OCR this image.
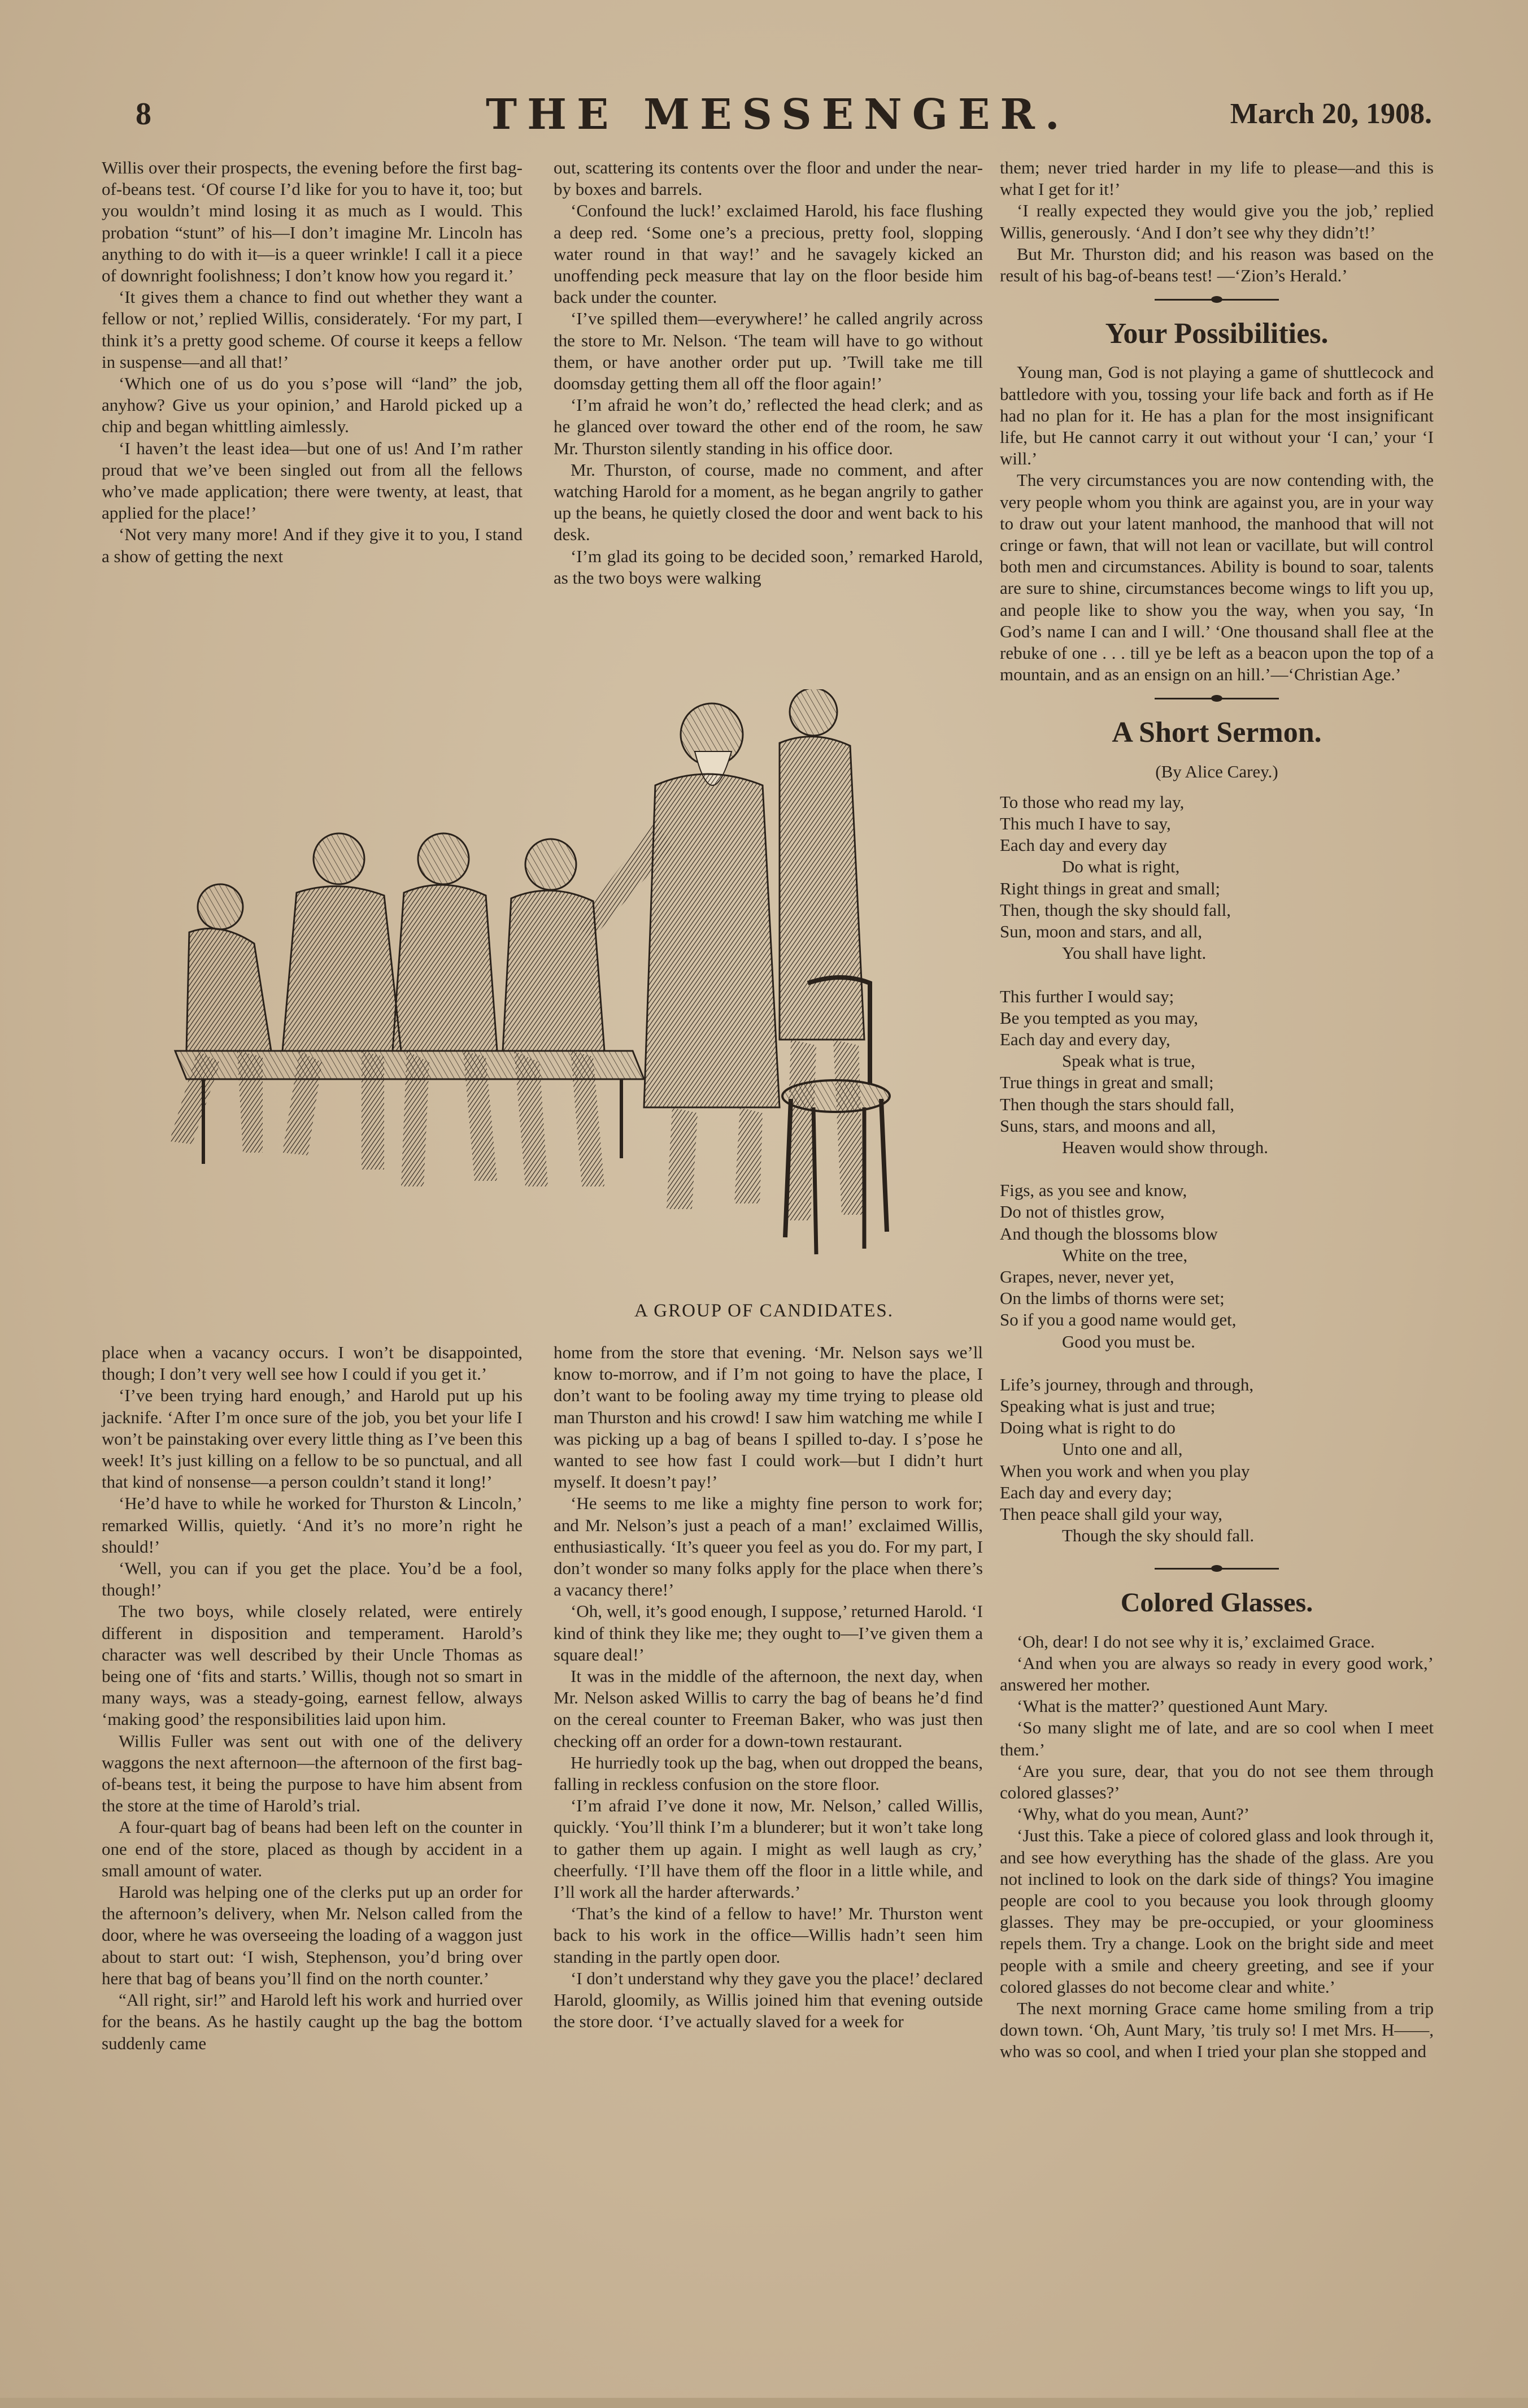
8	THE MESSENGER.	March 20, 1908.

Willis over their prospects, the evening before the first bag-of-beans test. ‘Of course I’d like for you to have it, too; but you wouldn’t mind losing it as much as I would. This probation “stunt” of his—I don’t imagine Mr. Lincoln has anything to do with it—is a queer wrinkle! I call it a piece of downright foolishness; I don’t know how you regard it.’

‘It gives them a chance to find out whether they want a fellow or not,’ replied Willis, considerately. ‘For my part, I think it’s a pretty good scheme. Of course it keeps a fellow in suspense—and all that!’

‘Which one of us do you s’pose will “land” the job, anyhow? Give us your opinion,’ and Harold picked up a chip and began whittling aimlessly.

‘I haven’t the least idea—but one of us! And I’m rather proud that we’ve been singled out from all the fellows who’ve made application; there were twenty, at least, that applied for the place!’

‘Not very many more! And if they give it to you, I stand a show of getting the next

out, scattering its contents over the floor and under the near-by boxes and barrels.

‘Confound the luck!’ exclaimed Harold, his face flushing a deep red. ‘Some one’s a precious, pretty fool, slopping water round in that way!’ and he savagely kicked an unoffending peck measure that lay on the floor beside him back under the counter.

‘I’ve spilled them—everywhere!’ he called angrily across the store to Mr. Nelson. ‘The team will have to go without them, or have another order put up. ’Twill take me till doomsday getting them all off the floor again!’

‘I’m afraid he won’t do,’ reflected the head clerk; and as he glanced over toward the other end of the room, he saw Mr. Thurston silently standing in his office door.

Mr. Thurston, of course, made no comment, and after watching Harold for a moment, as he began angrily to gather up the beans, he quietly closed the door and went back to his desk.

‘I’m glad its going to be decided soon,’ remarked Harold, as the two boys were walking

them; never tried harder in my life to please—and this is what I get for it!’

‘I really expected they would give you the job,’ replied Willis, generously. ‘And I don’t see why they didn’t!’

But Mr. Thurston did; and his reason was based on the result of his bag-of-beans test! —‘Zion’s Herald.’

Your Possibilities.

Young man, God is not playing a game of shuttlecock and battledore with you, tossing your life back and forth as if He had no plan for it. He has a plan for the most insignificant life, but He cannot carry it out without your ‘I can,’ your ‘I will.’

The very circumstances you are now contending with, the very people whom you think are against you, are in your way to draw out your latent manhood, the manhood that will not cringe or fawn, that will not lean or vacillate, but will control both men and circumstances. Ability is bound to soar, talents are sure to shine, circumstances become wings to lift you up, and people like to show you the way, when you say, ‘In God’s name I can and I will.’ ‘One thousand shall flee at the rebuke of one . . . till ye be left as a beacon upon the top of a mountain, and as an ensign on an hill.’—‘Christian Age.’

A Short Sermon.
(By Alice Carey.)
To those who read my lay,
This much I have to say,
Each day and every day
Do what is right,
Right things in great and small;
Then, though the sky should fall,
Sun, moon and stars, and all,
You shall have light.
This further I would say;
Be you tempted as you may,
Each day and every day,
Speak what is true,
True things in great and small;
Then though the stars should fall,
Suns, stars, and moons and all,
Heaven would show through.
Figs, as you see and know,
Do not of thistles grow,
And though the blossoms blow
White on the tree,
Grapes, never, never yet,
On the limbs of thorns were set;
So if you a good name would get,
Good you must be.
Life’s journey, through and through,
Speaking what is just and true;
Doing what is right to do
Unto one and all,
When you work and when you play
Each day and every day;
Then peace shall gild your way,
Though the sky should fall.
Colored Glasses.

‘Oh, dear! I do not see why it is,’ exclaimed Grace.

‘And when you are always so ready in every good work,’ answered her mother.

‘What is the matter?’ questioned Aunt Mary.

‘So many slight me of late, and are so cool when I meet them.’

‘Are you sure, dear, that you do not see them through colored glasses?’

‘Why, what do you mean, Aunt?’

‘Just this. Take a piece of colored glass and look through it, and see how everything has the shade of the glass. Are you not inclined to look on the dark side of things? You imagine people are cool to you because you look through gloomy glasses. They may be pre-occupied, or your gloominess repels them. Try a change. Look on the bright side and meet people with a smile and cheery greeting, and see if your colored glasses do not become clear and white.’

The next morning Grace came home smiling from a trip down town. ‘Oh, Aunt Mary, ’tis truly so! I met Mrs. H——, who was so cool, and when I tried your plan she stopped and

A GROUP OF CANDIDATES.

place when a vacancy occurs. I won’t be disappointed, though; I don’t very well see how I could if you get it.’

‘I’ve been trying hard enough,’ and Harold put up his jacknife. ‘After I’m once sure of the job, you bet your life I won’t be painstaking over every little thing as I’ve been this week! It’s just killing on a fellow to be so punctual, and all that kind of nonsense—a person couldn’t stand it long!’

‘He’d have to while he worked for Thurston & Lincoln,’ remarked Willis, quietly. ‘And it’s no more’n right he should!’

‘Well, you can if you get the place. You’d be a fool, though!’

The two boys, while closely related, were entirely different in disposition and temperament. Harold’s character was well described by their Uncle Thomas as being one of ‘fits and starts.’ Willis, though not so smart in many ways, was a steady-going, earnest fellow, always ‘making good’ the responsibilities laid upon him.

Willis Fuller was sent out with one of the delivery waggons the next afternoon—the afternoon of the first bag-of-beans test, it being the purpose to have him absent from the store at the time of Harold’s trial.

A four-quart bag of beans had been left on the counter in one end of the store, placed as though by accident in a small amount of water.

Harold was helping one of the clerks put up an order for the afternoon’s delivery, when Mr. Nelson called from the door, where he was overseeing the loading of a waggon just about to start out: ‘I wish, Stephenson, you’d bring over here that bag of beans you’ll find on the north counter.’

“All right, sir!” and Harold left his work and hurried over for the beans. As he hastily caught up the bag the bottom suddenly came

home from the store that evening. ‘Mr. Nelson says we’ll know to-morrow, and if I’m not going to have the place, I don’t want to be fooling away my time trying to please old man Thurston and his crowd! I saw him watching me while I was picking up a bag of beans I spilled to-day. I s’pose he wanted to see how fast I could work—but I didn’t hurt myself. It doesn’t pay!’

‘He seems to me like a mighty fine person to work for; and Mr. Nelson’s just a peach of a man!’ exclaimed Willis, enthusiastically. ‘It’s queer you feel as you do. For my part, I don’t wonder so many folks apply for the place when there’s a vacancy there!’

‘Oh, well, it’s good enough, I suppose,’ returned Harold. ‘I kind of think they like me; they ought to—I’ve given them a square deal!’

It was in the middle of the afternoon, the next day, when Mr. Nelson asked Willis to carry the bag of beans he’d find on the cereal counter to Freeman Baker, who was just then checking off an order for a down-town restaurant.

He hurriedly took up the bag, when out dropped the beans, falling in reckless confusion on the store floor.

‘I’m afraid I’ve done it now, Mr. Nelson,’ called Willis, quickly. ‘You’ll think I’m a blunderer; but it won’t take long to gather them up again. I might as well laugh as cry,’ cheerfully. ‘I’ll have them off the floor in a little while, and I’ll work all the harder afterwards.’

‘That’s the kind of a fellow to have!’ Mr. Thurston went back to his work in the office—Willis hadn’t seen him standing in the partly open door.

‘I don’t understand why they gave you the place!’ declared Harold, gloomily, as Willis joined him that evening outside the store door. ‘I’ve actually slaved for a week for
